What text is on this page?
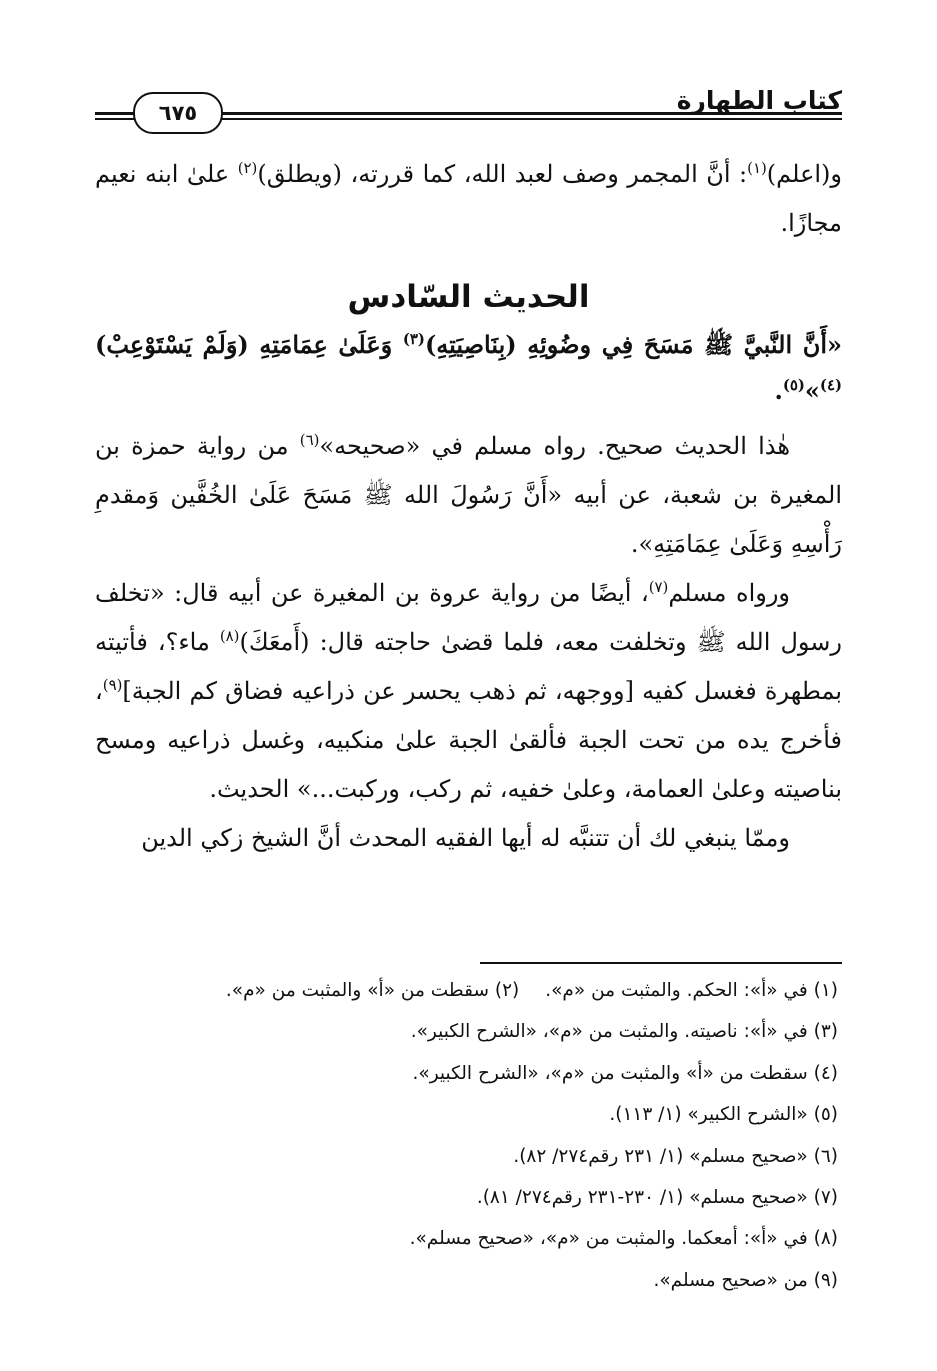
كتاب الطهارة
٦٧٥

و(اعلم)$^{(١)}$: أنَّ المجمر وصف لعبد الله، كما قررته، (ويطلق)$^{(٢)}$ علىٰ ابنه نعيم مجازًا.

الحديث السّادس

«أَنَّ النَّبيَّ ﷺ مَسَحَ فِي وضُوئِهِ (بِنَاصِيَتِهِ)$^{(٣)}$ وَعَلَىٰ عِمَامَتِهِ (وَلَمْ يَسْتَوْعِبْ)$^{(٤)}$»$^{(٥)}$.

هٰذا الحديث صحيح. رواه مسلم في «صحيحه»$^{(٦)}$ من رواية حمزة بن المغيرة بن شعبة، عن أبيه «أَنَّ رَسُولَ الله ﷺ مَسَحَ عَلَىٰ الخُفَّين وَمقدمِ رَأْسِهِ وَعَلَىٰ عِمَامَتِهِ».

ورواه مسلم$^{(٧)}$، أيضًا من رواية عروة بن المغيرة عن أبيه قال: «تخلف رسول الله ﷺ وتخلفت معه، فلما قضىٰ حاجته قال: (أَمعَكَ)$^{(٨)}$ ماء؟، فأتيته بمطهرة فغسل كفيه [ووجهه، ثم ذهب يحسر عن ذراعيه فضاق كم الجبة]$^{(٩)}$، فأخرج يده من تحت الجبة فألقىٰ الجبة علىٰ منكبيه، وغسل ذراعيه ومسح بناصيته وعلىٰ العمامة، وعلىٰ خفيه، ثم ركب، وركبت...» الحديث.

وممّا ينبغي لك أن تتنبَّه له أيها الفقيه المحدث أنَّ الشيخ زكي الدين

(١) في «أ»: الحكم. والمثبت من «م».(٢) سقطت من «أ» والمثبت من «م».
(٣) في «أ»: ناصيته. والمثبت من «م»، «الشرح الكبير».
(٤) سقطت من «أ» والمثبت من «م»، «الشرح الكبير».
(٥) «الشرح الكبير» (١/ ١١٣).
(٦) «صحيح مسلم» (١/ ٢٣١ رقم٢٧٤/ ٨٢).
(٧) «صحيح مسلم» (١/ ٢٣٠-٢٣١ رقم٢٧٤/ ٨١).
(٨) في «أ»: أمعكما. والمثبت من «م»، «صحيح مسلم».
(٩) من «صحيح مسلم».
